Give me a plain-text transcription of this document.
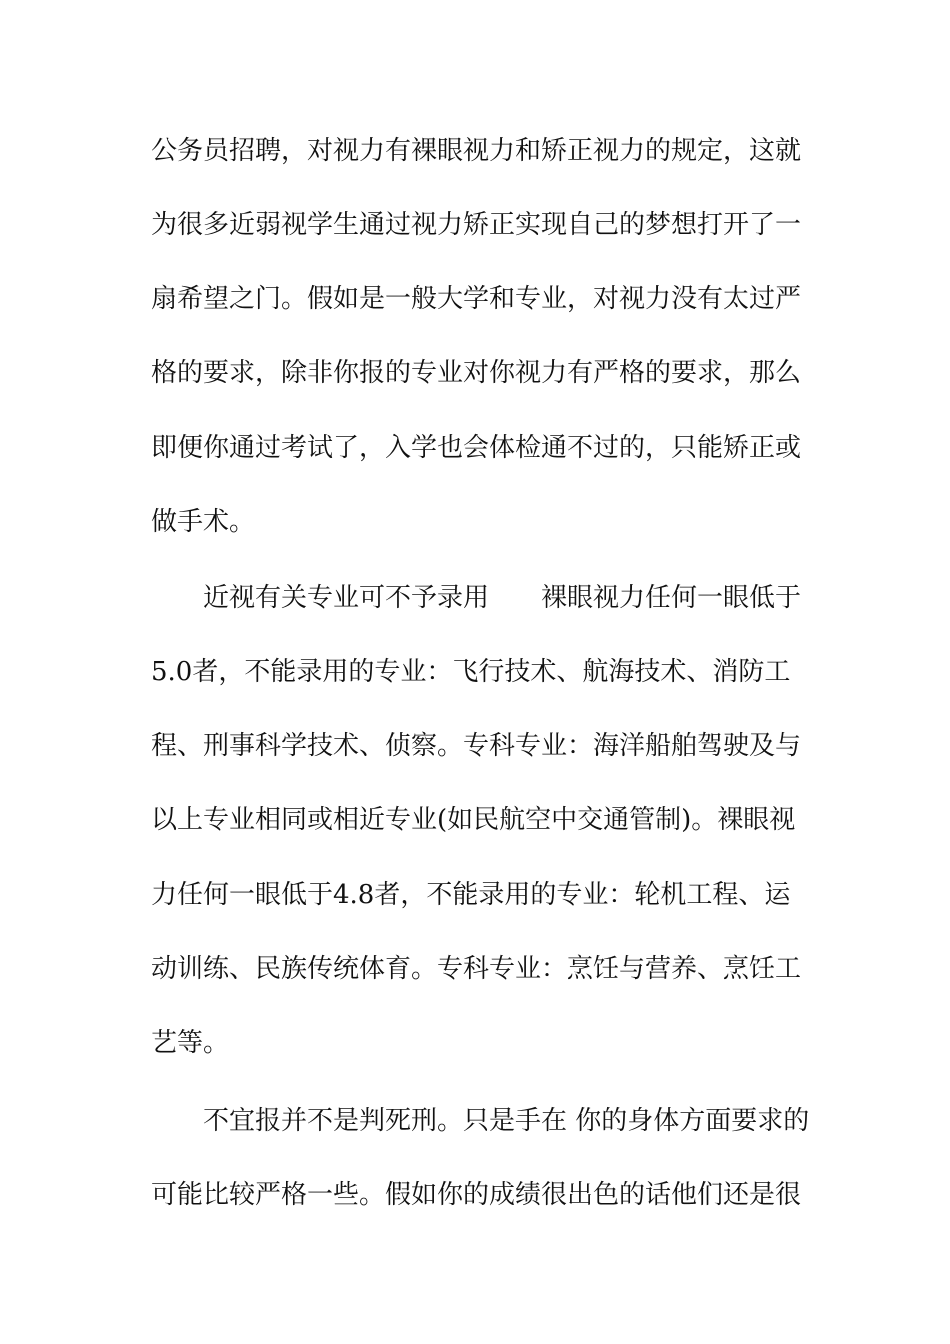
公务员招聘，对视力有裸眼视力和矫正视力的规定，这就
为很多近弱视学生通过视力矫正实现自己的梦想打开了一
扇希望之门。假如是一般大学和专业，对视力没有太过严
格的要求，除非你报的专业对你视力有严格的要求，那么
即便你通过考试了，入学也会体检通不过的，只能矫正或
做手术。
近视有关专业可不予录用 裸眼视力任何一眼低于
5.0者，不能录用的专业：飞行技术、航海技术、消防工
程、刑事科学技术、侦察。专科专业：海洋船舶驾驶及与
以上专业相同或相近专业(如民航空中交通管制)。裸眼视
力任何一眼低于4.8者，不能录用的专业：轮机工程、运
动训练、民族传统体育。专科专业：烹饪与营养、烹饪工
艺等。
不宜报并不是判死刑。只是手在 你的身体方面要求的
可能比较严格一些。假如你的成绩很出色的话他们还是很
